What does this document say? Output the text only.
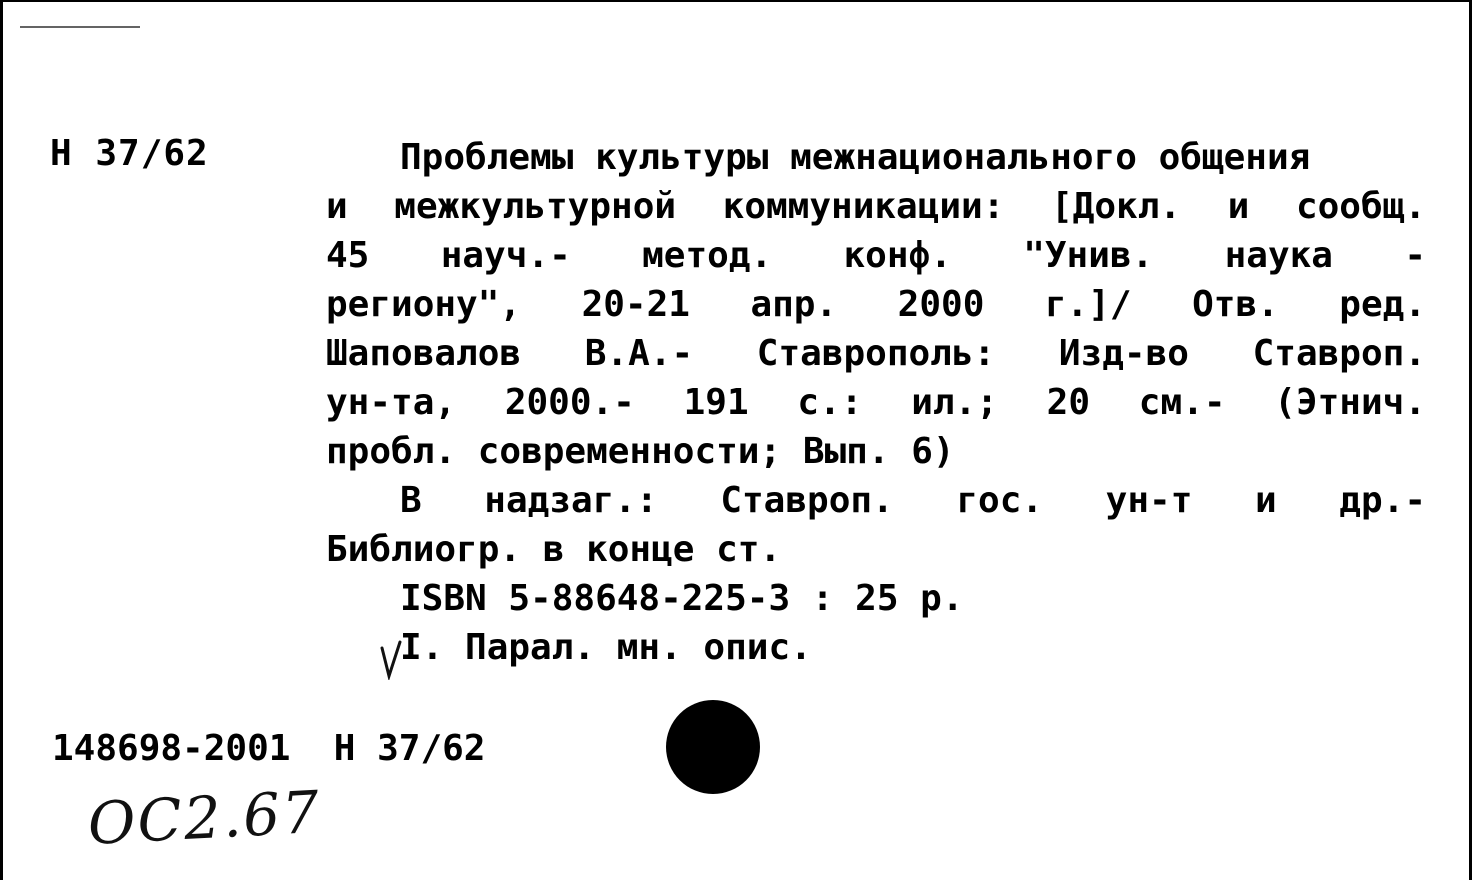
Н 37/62	Проблемы культуры межнационального общения
и межкультурной коммуникации: [Докл. и сообщ.
45 науч.- метод. конф. "Унив. наука -
региону", 20-21 апр. 2000 г.]/ Отв. ред.
Шаповалов В.А.- Ставрополь: Изд-во Ставроп.
ун-та, 2000.- 191 с.: ил.; 20 см.- (Этнич.
пробл. современности; Вып. 6)
В надзаг.: Ставроп. гос. ун-т и др.-
Библиогр. в конце ст.
ISBN 5-88648-225-3 : 25 р.
I. Парал. мн. опис.
148698-2001  Н 37/62
ОС2.67
